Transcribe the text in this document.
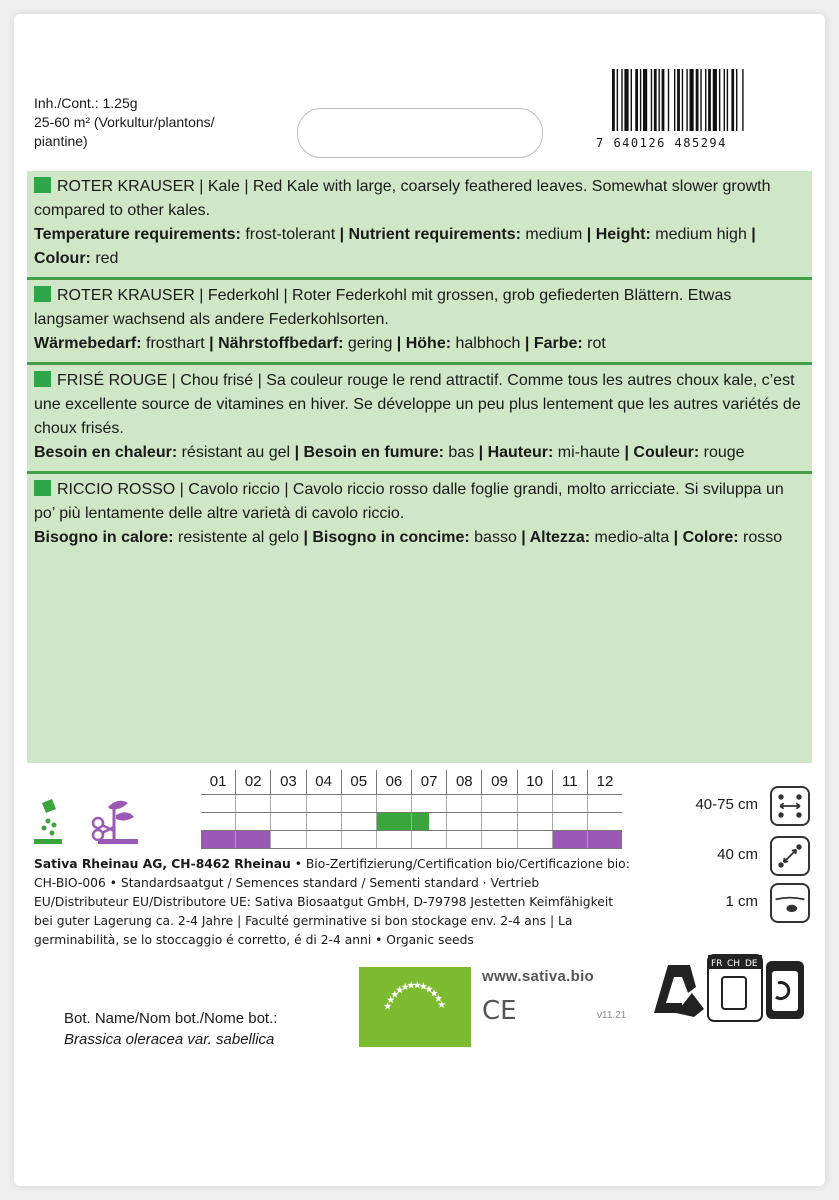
Inh./Cont.: 1.25g
25-60 m² (Vorkultur/plantons/
piantine)	7 640126 485294
ROTER KRAUSER | Kale | Red Kale with large, coarsely feathered leaves. Somewhat slower growth compared to other kales.
Temperature requirements: frost-tolerant | Nutrient requirements: medium | Height: medium high | Colour: red
ROTER KRAUSER | Federkohl | Roter Federkohl mit grossen, grob gefiederten Blättern. Etwas langsamer wachsend als andere Federkohlsorten.
Wärmebedarf: frosthart | Nährstoffbedarf: gering | Höhe: halbhoch | Farbe: rot
FRISÉ ROUGE | Chou frisé | Sa couleur rouge le rend attractif. Comme tous les autres choux kale, c’est une excellente source de vitamines en hiver. Se développe un peu plus lentement que les autres variétés de choux frisés.
Besoin en chaleur: résistant au gel | Besoin en fumure: bas | Hauteur: mi-haute | Couleur: rouge
RICCIO ROSSO | Cavolo riccio | Cavolo riccio rosso dalle foglie grandi, molto arricciate. Si sviluppa un po’ più lentamente delle altre varietà di cavolo riccio.
Bisogno in calore: resistente al gelo | Bisogno in concime: basso | Altezza: medio-alta | Colore: rosso
01	02	03	04	05	06	07	08	09	10	11	12
40-75 cm
40 cm
1 cm
Sativa Rheinau AG, CH-8462 Rheinau • Bio-Zertifizierung/Certification bio/Certificazione bio: CH-BIO-006 • Standardsaatgut / Semences standard / Sementi standard · Vertrieb EU/Distributeur EU/Distributore UE: Sativa Biosaatgut GmbH, D-79798 Jestetten Keimfähigkeit bei guter Lagerung ca. 2-4 Jahre | Faculté germinative si bon stockage env. 2-4 ans | La germinabilità, se lo stoccaggio é corretto, é di 2-4 anni • Organic seeds
Bot. Name/Nom bot./Nome bot.:
Brassica oleracea var. sabellica
www.sativa.bio
CE	v11.21
FR CH DE
